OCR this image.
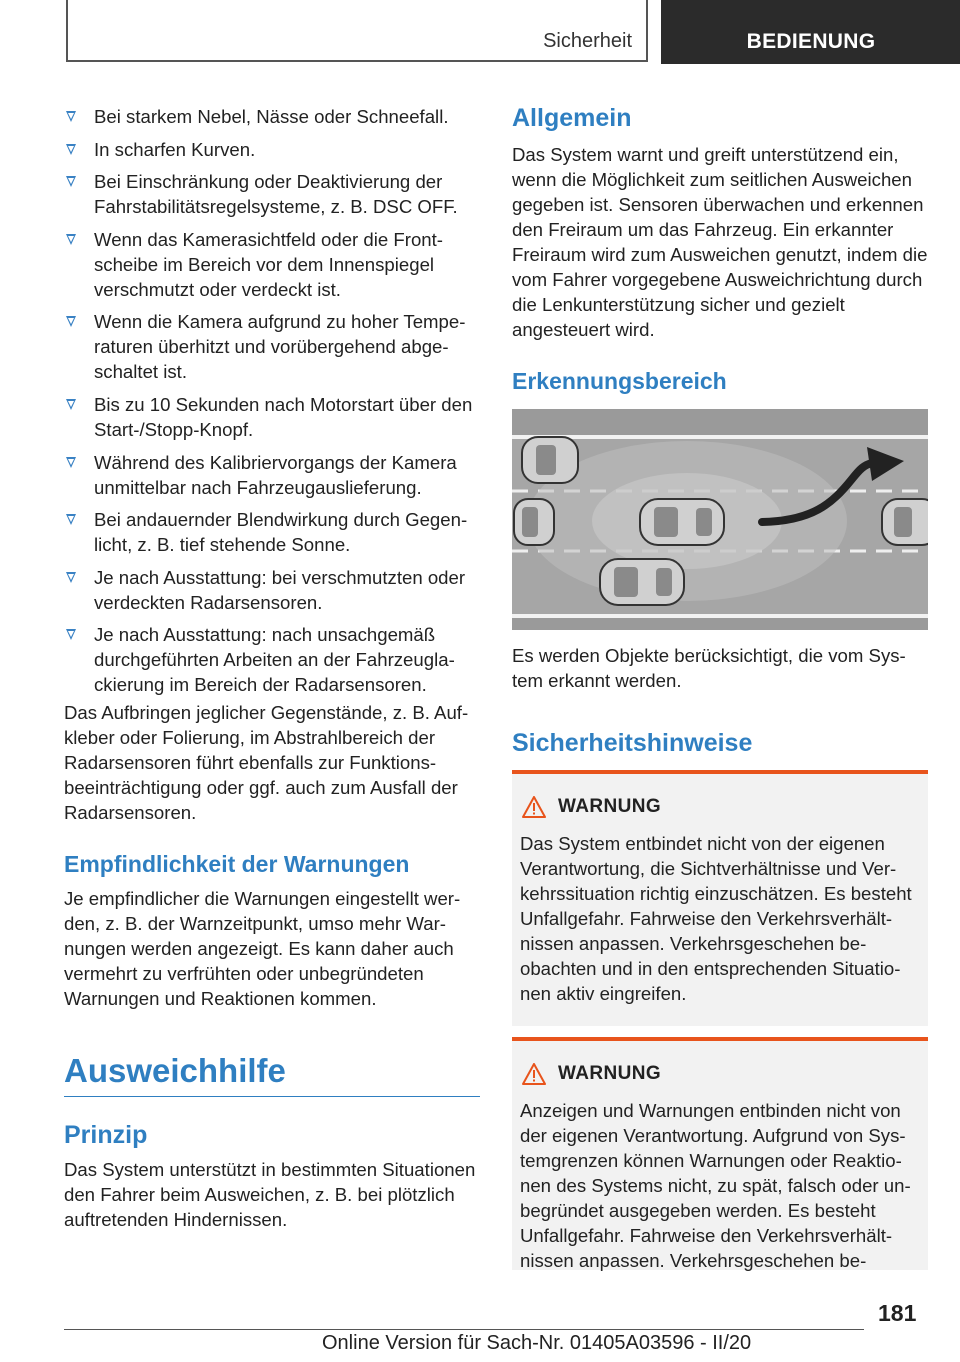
Sicherheit	BEDIENUNG
Bei starkem Nebel, Nässe oder Schneefall.
In scharfen Kurven.
Bei Einschränkung oder Deaktivierung der Fahrstabilitätsregelsysteme, z. B. DSC OFF.
Wenn das Kamerasichtfeld oder die Frontscheibe im Bereich vor dem Innenspiegel verschmutzt oder verdeckt ist.
Wenn die Kamera aufgrund zu hoher Temperaturen überhitzt und vorübergehend abgeschaltet ist.
Bis zu 10 Sekunden nach Motorstart über den Start-/Stopp-Knopf.
Während des Kalibriervorgangs der Kamera unmittelbar nach Fahrzeugauslieferung.
Bei andauernder Blendwirkung durch Gegenlicht, z. B. tief stehende Sonne.
Je nach Ausstattung: bei verschmutzten oder verdeckten Radarsensoren.
Je nach Ausstattung: nach unsachgemäß durchgeführten Arbeiten an der Fahrzeuglackierung im Bereich der Radarsensoren.

Das Aufbringen jeglicher Gegenstände, z. B. Aufkleber oder Folierung, im Abstrahlbereich der Radarsensoren führt ebenfalls zur Funktionsbeeinträchtigung oder ggf. auch zum Ausfall der Radarsensoren.

Empfindlichkeit der Warnungen

Je empfindlicher die Warnungen eingestellt werden, z. B. der Warnzeitpunkt, umso mehr Warnungen werden angezeigt. Es kann daher auch vermehrt zu verfrühten oder unbegründeten Warnungen und Reaktionen kommen.

Ausweichhilfe
Prinzip

Das System unterstützt in bestimmten Situationen den Fahrer beim Ausweichen, z. B. bei plötzlich auftretenden Hindernissen.

Allgemein

Das System warnt und greift unterstützend ein, wenn die Möglichkeit zum seitlichen Ausweichen gegeben ist. Sensoren überwachen und erkennen den Freiraum um das Fahrzeug. Ein erkannter Freiraum wird zum Ausweichen genutzt, indem die vom Fahrer vorgegebene Ausweichrichtung durch die Lenkunterstützung sicher und gezielt angesteuert wird.

Erkennungsbereich

Es werden Objekte berücksichtigt, die vom System erkannt werden.

Sicherheitshinweise
WARNUNG

Das System entbindet nicht von der eigenen Verantwortung, die Sichtverhältnisse und Verkehrssituation richtig einzuschätzen. Es besteht Unfallgefahr. Fahrweise den Verkehrsverhältnissen anpassen. Verkehrsgeschehen beobachten und in den entsprechenden Situationen aktiv eingreifen.

WARNUNG

Anzeigen und Warnungen entbinden nicht von der eigenen Verantwortung. Aufgrund von Systemgrenzen können Warnungen oder Reaktionen des Systems nicht, zu spät, falsch oder unbegründet ausgegeben werden. Es besteht Unfallgefahr. Fahrweise den Verkehrsverhältnissen anpassen. Verkehrsgeschehen be-

181
Online Version für Sach-Nr. 01405A03596 - II/20
